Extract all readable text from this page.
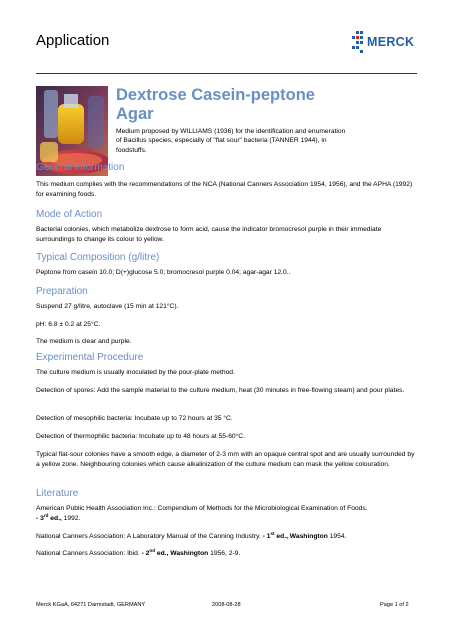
Application	MERCK
Dextrose Casein-peptone
Agar
Medium proposed by WILLIAMS (1936) for the identification and enumeration of Bacillus species, especially of "flat sour" bacteria (TANNER 1944), in foodstuffs.
General Information
This medium complies with the recommendations of the NCA (National Canners Association 1954, 1956), and the APHA (1992) for examining foods.
Mode of Action
Bacterial colonies, which metabolize dextrose to form acid, cause the indicator bromocresol purple in their immediate surroundings to change its colour to yellow.
Typical Composition (g/litre)
Peptone from casein 10.0; D(+)glucose 5.0; bromocresol purple 0.04; agar-agar 12.0..
Preparation
Suspend 27 g/litre, autoclave (15 min at 121°C).
pH: 6.8 ± 0.2 at 25°C.
The medium is clear and purple.
Experimental Procedure
The culture medium is usually inoculated by the pour-plate method.
Detection of spores: Add the sample material to the culture medium, heat (30 minutes in free-flowing steam) and pour plates.
Detection of mesophilic bacteria: Incubate up to 72 hours at 35 °C.
Detection of thermophilic bacteria: Incubate up to 48 hours at 55-60°C.
Typical flat-sour colonies have a smooth edge, a diameter of 2-3 mm with an opaque central spot and are usually surrounded by a yellow zone. Neighbouring colonies which cause alkalinization of the culture medium can mask the yellow colouration.
Literature
American Public Health Association Inc.: Compendium of Methods for the Microbiological Examination of Foods.
- 3rd ed., 1992.
National Canners Association: A Laboratory Manual of the Canning Industry. - 1st ed., Washington 1954.
National Canners Association: Ibid. - 2nd ed., Washington 1956, 2-9.
Merck KGaA, 64271 Darmstadt, GERMANY	2008-08-28	Page 1 of 2
